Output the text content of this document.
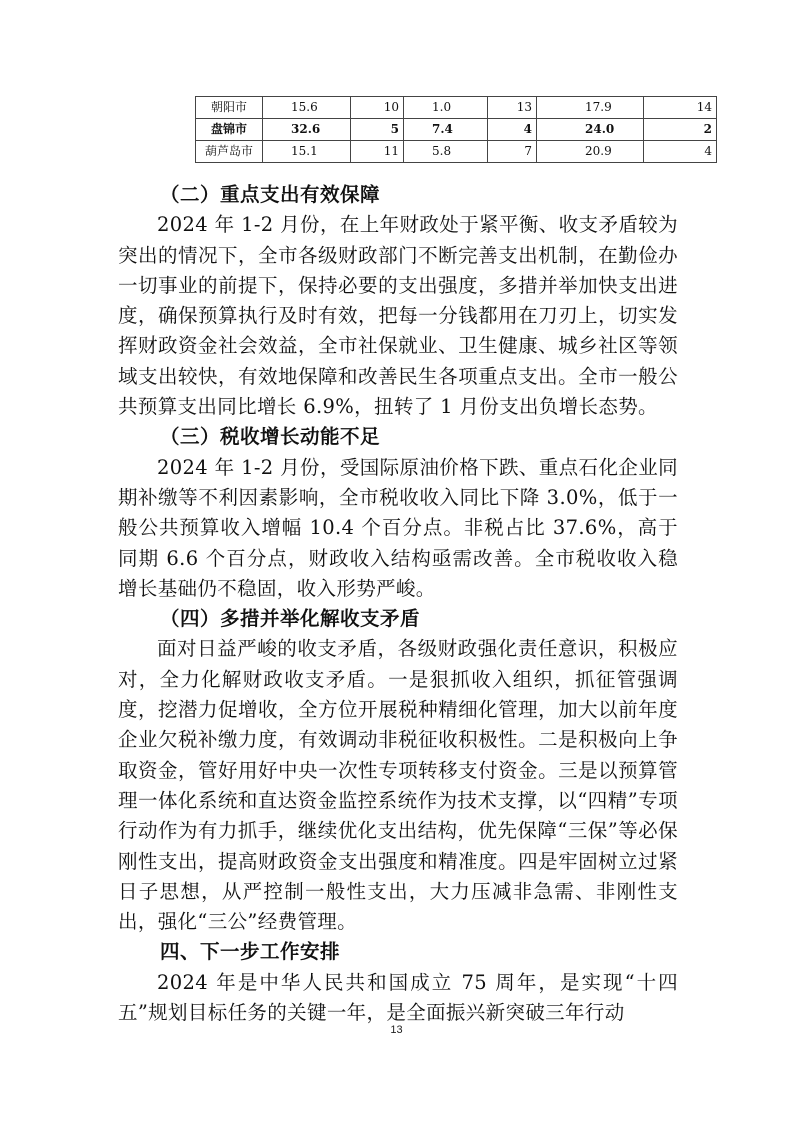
朝阳市	15.6	10	1.0	13	17.9	14
盘锦市	32.6	5	7.4	4	24.0	2
葫芦岛市	15.1	11	5.8	7	20.9	4
（二）重点支出有效保障

2024 年 1-2 月份，在上年财政处于紧平衡、收支矛盾较为突出的情况下，全市各级财政部门不断完善支出机制，在勤俭办一切事业的前提下，保持必要的支出强度，多措并举加快支出进度，确保预算执行及时有效，把每一分钱都用在刀刃上，切实发挥财政资金社会效益，全市社保就业、卫生健康、城乡社区等领域支出较快，有效地保障和改善民生各项重点支出。全市一般公共预算支出同比增长 6.9%，扭转了 1 月份支出负增长态势。

（三）税收增长动能不足

2024 年 1-2 月份，受国际原油价格下跌、重点石化企业同期补缴等不利因素影响，全市税收收入同比下降 3.0%，低于一般公共预算收入增幅 10.4 个百分点。非税占比 37.6%，高于同期 6.6 个百分点，财政收入结构亟需改善。全市税收收入稳增长基础仍不稳固，收入形势严峻。

（四）多措并举化解收支矛盾

面对日益严峻的收支矛盾，各级财政强化责任意识，积极应对，全力化解财政收支矛盾。一是狠抓收入组织，抓征管强调度，挖潜力促增收，全方位开展税种精细化管理，加大以前年度企业欠税补缴力度，有效调动非税征收积极性。二是积极向上争取资金，管好用好中央一次性专项转移支付资金。三是以预算管理一体化系统和直达资金监控系统作为技术支撑，以“四精”专项行动作为有力抓手，继续优化支出结构，优先保障“三保”等必保刚性支出，提高财政资金支出强度和精准度。四是牢固树立过紧日子思想，从严控制一般性支出，大力压减非急需、非刚性支出，强化“三公”经费管理。

四、下一步工作安排

2024 年是中华人民共和国成立 75 周年，是实现“十四五”规划目标任务的关键一年，是全面振兴新突破三年行动

13
